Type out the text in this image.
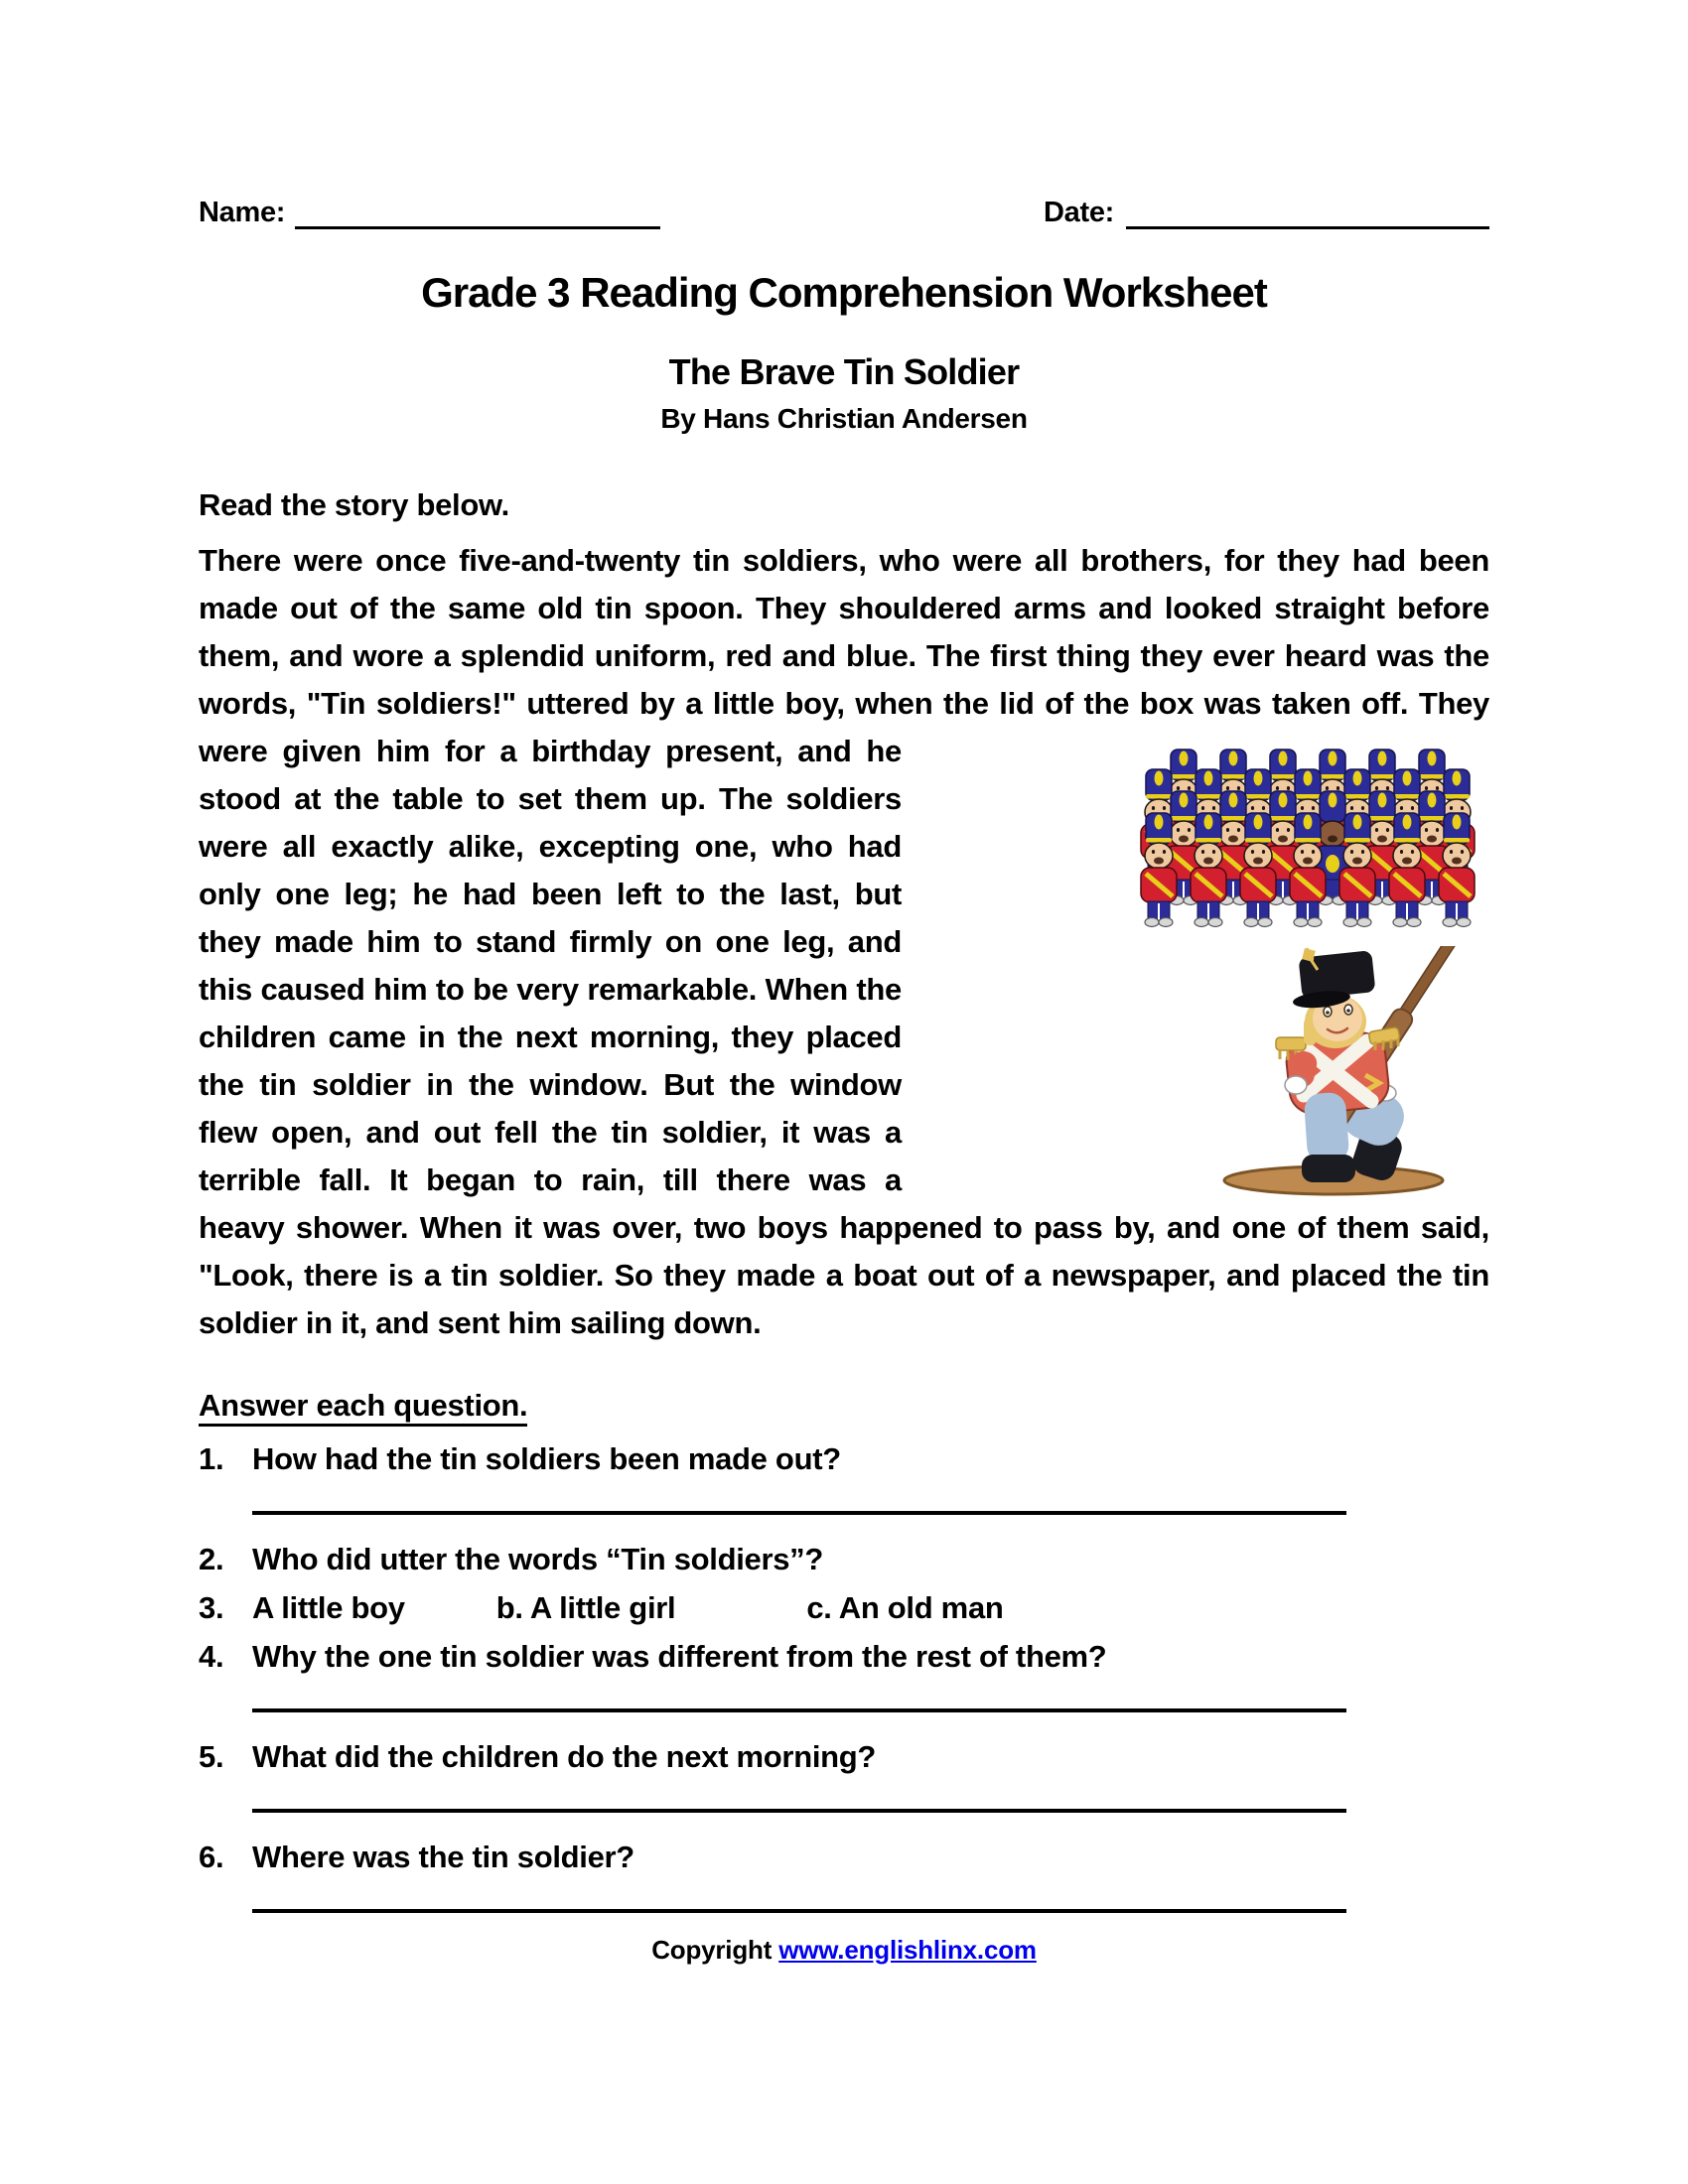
Name:	Date:
Grade 3 Reading Comprehension Worksheet
The Brave Tin Soldier
By Hans Christian Andersen
Read the story below.

There were once five-and-twenty tin soldiers, who were all brothers, for they had been made out of the same old tin spoon. They shouldered arms and looked straight before them, and wore a splendid uniform, red and blue. The first thing they ever heard was the words, "Tin soldiers!" uttered by a little boy, when the lid of the box was taken off. They were given him for a birthday
present, and he stood at the table to set them up. The soldiers were all exactly alike, excepting one, who had only one leg; he had been left to the last, but they made him to stand firmly on one leg, and this caused him to be very remarkable. When the children came in the next morning, they placed the tin soldier in the window. But the window flew open, and out fell the tin soldier, it was a terrible fall. It began to rain, till there was a heavy shower. When it was over, two boys happened to pass by, and one of them said, "Look, there is a tin soldier. So they made a boat out of a newspaper, and placed the tin soldier in it, and sent him sailing down.

Answer each question.
1. How had the tin soldiers been made out?
2. Who did utter the words “Tin soldiers”?
3. A little boy	b. A little girl	c. An old man
4. Why the one tin soldier was different from the rest of them?
5. What did the children do the next morning?
6. Where was the tin soldier?
Copyright www.englishlinx.com
